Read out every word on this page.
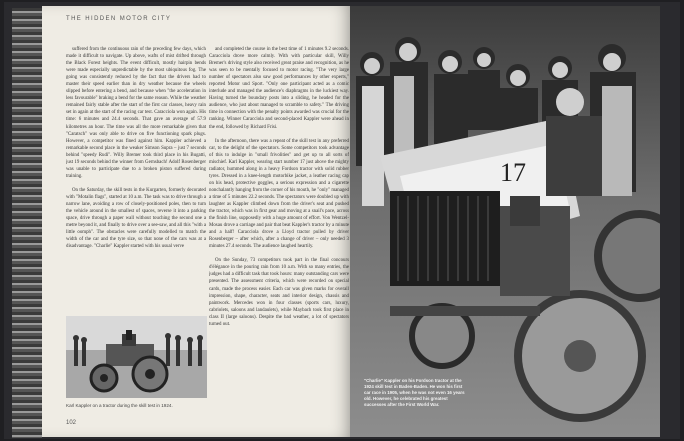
THE HIDDEN MOTOR CITY

suffered from the continuous rain of the preceding few days, which made it difficult to navigate. Up above, wafts of mist drifted through the Black Forest heights. The event difficult, mostly hairpin bends were made especially unpredictable by the most ubiquitous fog. The going was consistently reduced by the fact that the drivers had to master their speed earlier than in dry weather because the wheels slipped before entering a bend, and because when "the acceleration in less favourable" braking a bend for the same reason. While the weather remained fairly stable after the start of the first car classes, heavy rain set in again at the start of the racing car test. Caracciola won again. His time: 6 minutes and 24.4 seconds. That gave an average of 57.9 kilometres an hour. The time was all the more remarkable given that "Caratsch" was only able to drive on five functioning spark plugs. However, a competitor was fined against him. Kappler achieved a remarkable second place in the weaker Simson Supra – just 7 seconds behind "speedy Rudi". Willy Bremer took third place in his Bugatti, just 19 seconds behind the winner from Gernsbach! Adolf Rosenberger was unable to participate due to a broken piston suffered during training.

On the Saturday, the skill tests in the Kurgarten, formerly decorated with "Motalin flags", started at 10 a.m. The task was to drive through a narrow lane, avoiding a row of closely-positioned poles, then to turn the vehicle around in the smallest of spaces, reverse it into a parking space, drive through a paper wall without touching the second one a metre beyond it, and finally to drive over a see-saw, and all this "with a little oomph". The obstacles were carefully modelled to match the width of the car and the tyre size, so that none of the cars was at a disadvantage. "Charlie" Kappler started with his usual verve

and completed the course in the best time of 1 minutes 9.2 seconds. Caracciola drove more calmly. With with particular skill, Willy Bremer's driving style also received great praise and recognition, as he was seen to be mentally focused to motor racing. "The very large number of spectators also saw good performances by other experts," reported Motor und Sport. "Only one participant acted as a comic interlude and managed the audience's diaphragms in the luckiest way. Having turned the boundary posts into a sliding, he headed for the audience, who just about managed to scramble to safety." The driving time in connection with the penalty points awarded was crucial for the ranking. Winner Caracciola and second-placed Kappler were ahead in the end, followed by Richard Frisi.

In the afternoon, there was a repeat of the skill test in any preferred car, to the delight of the spectators. Some competitors took advantage of this to indulge in "small frivolities" and get up to all sorts of mischief. Karl Kappler, wearing start number 17 just above the mighty radiator, hummed along in a heavy Fordson tractor with solid rubber tyres. Dressed in a knee-length motorbike jacket, a leather racing cap on his head, protective goggles, a serious expression and a cigarette nonchalantly hanging from the corner of his mouth, he "only" managed a time of 5 minutes 22.2 seconds. The spectators were doubled up with laughter as Kappler climbed down from the driver's seat and pushed the tractor, which was in first gear and moving at a snail's pace, across the finish line, supposedly with a huge amount of effort. Von Wentzel-Mosau drove a carriage and pair that beat Kappler's tractor by a minute and a half! Caracciola drove a Lloyd tractor pulled by driver Rosenberger – after which, after a change of driver – only needed 3 minutes 27.4 seconds. The audience laughed heartily.

On the Sunday, 73 competitors took part in the final concours d'élégance in the pouring rain from 10 a.m. With so many entries, the judges had a difficult task that took hours: many outstanding cars were presented. The assessment criteria, which were recorded on special cards, made the process easier. Each car was given marks for overall impression, shape, character, seats and interior design, chassis and paintwork. Mercedes won in four classes (sports cars, luxury, cabriolets, saloons and landaulets), while Maybach took first place in class II (large saloons). Despite the bad weather, a lot of spectators turned out.

Karl Kappler on a tractor during the skill test in 1924.
102
17
"Charlie" Kappler on his Fordson tractor at the 1924 skill test in Baden-Baden. He won his first car race in 1905, when he was not even 16 years old. However, he celebrated his greatest successes after the First World War.
